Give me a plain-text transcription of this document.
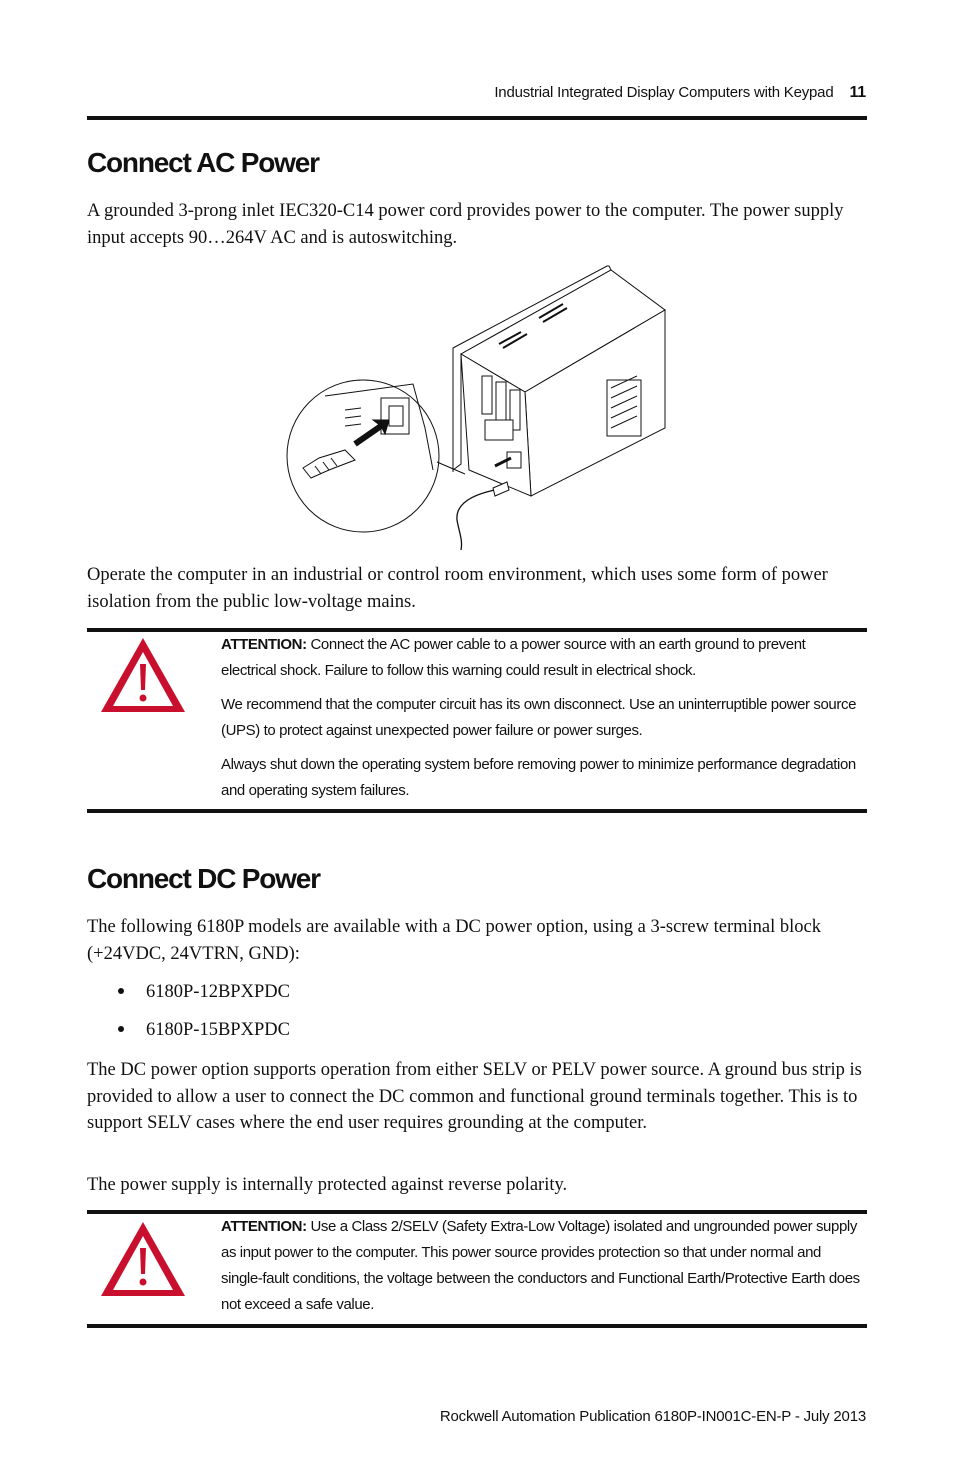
Industrial Integrated Display Computers with Keypad 11
Connect AC Power

A grounded 3-prong inlet IEC320-C14 power cord provides power to the computer. The power supply input accepts 90…264V AC and is autoswitching.

Operate the computer in an industrial or control room environment, which uses some form of power isolation from the public low-voltage mains.

ATTENTION: Connect the AC power cable to a power source with an earth ground to prevent electrical shock. Failure to follow this warning could result in electrical shock.

We recommend that the computer circuit has its own disconnect. Use an uninterruptible power source (UPS) to protect against unexpected power failure or power surges.

Always shut down the operating system before removing power to minimize performance degradation and operating system failures.

Connect DC Power

The following 6180P models are available with a DC power option, using a 3-screw terminal block (+24VDC, 24VTRN, GND):

6180P-12BPXPDC
6180P-15BPXPDC

The DC power option supports operation from either SELV or PELV power source. A ground bus strip is provided to allow a user to connect the DC common and functional ground terminals together. This is to support SELV cases where the end user requires grounding at the computer.

The power supply is internally protected against reverse polarity.

ATTENTION: Use a Class 2/SELV (Safety Extra-Low Voltage) isolated and ungrounded power supply as input power to the computer. This power source provides protection so that under normal and single-fault conditions, the voltage between the conductors and Functional Earth/Protective Earth does not exceed a safe value.

Rockwell Automation Publication 6180P-IN001C-EN-P - July 2013
